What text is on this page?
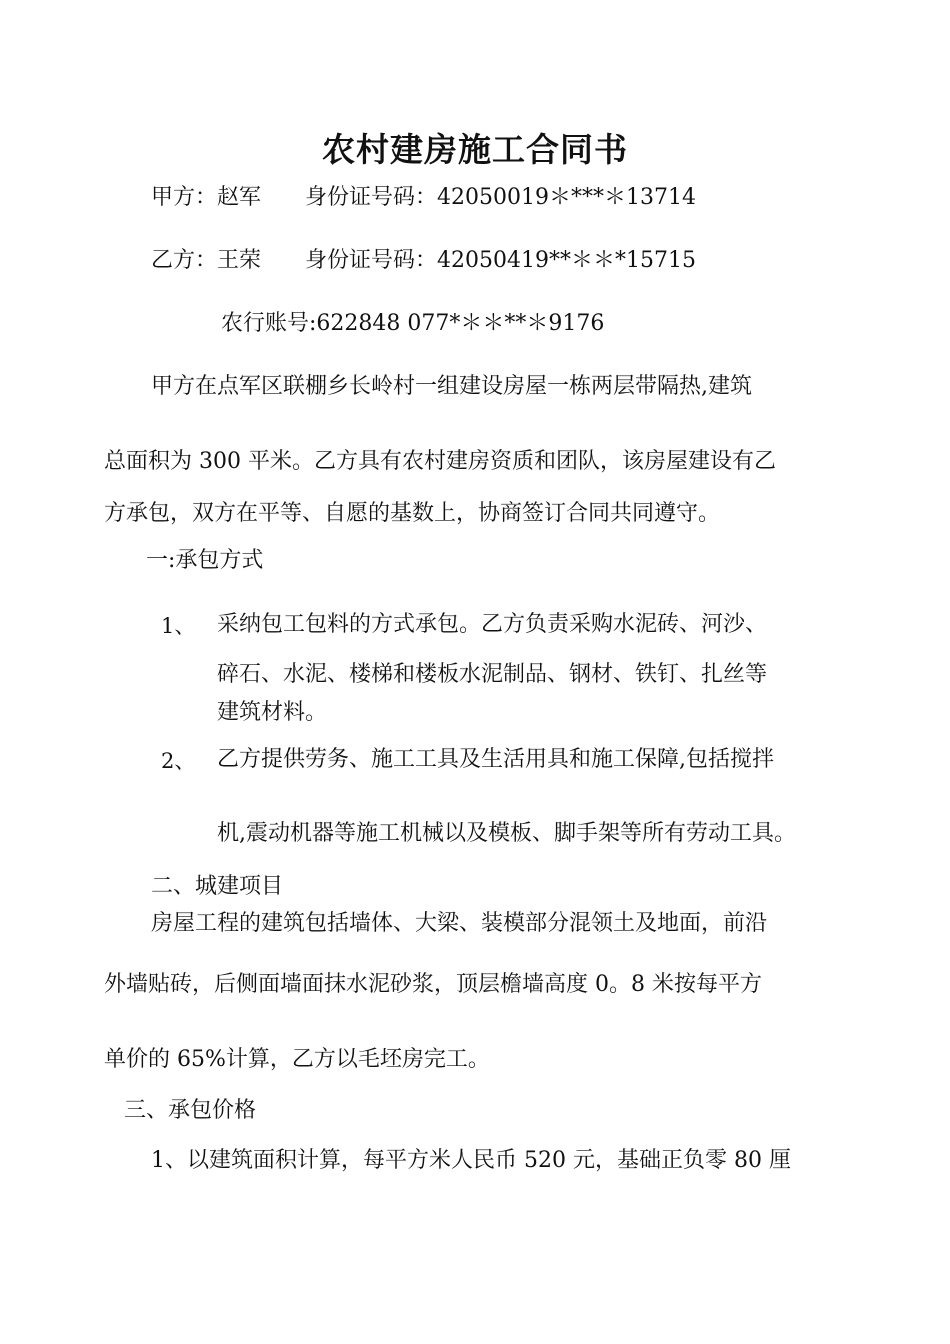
农村建房施工合同书
甲方：赵军 身份证号码：42050019＊***＊13714
乙方：王荣 身份证号码：42050419**＊＊*15715
农行账号:622848 077*＊＊**＊9176
甲方在点军区联棚乡长岭村一组建设房屋一栋两层带隔热,建筑
总面积为 300 平米。乙方具有农村建房资质和团队，该房屋建设有乙
方承包，双方在平等、自愿的基数上，协商签订合同共同遵守。
一:承包方式
1、 采纳包工包料的方式承包。乙方负责采购水泥砖、河沙、
碎石、水泥、楼梯和楼板水泥制品、钢材、铁钉、扎丝等
建筑材料。
2、 乙方提供劳务、施工工具及生活用具和施工保障,包括搅拌
机,震动机器等施工机械以及模板、脚手架等所有劳动工具。
二、城建项目
房屋工程的建筑包括墙体、大梁、装模部分混领土及地面，前沿
外墙贴砖，后侧面墙面抹水泥砂浆，顶层檐墙高度 0。8 米按每平方
单价的 65%计算，乙方以毛坯房完工。
三、承包价格
1、以建筑面积计算，每平方米人民币 520 元，基础正负零 80 厘
